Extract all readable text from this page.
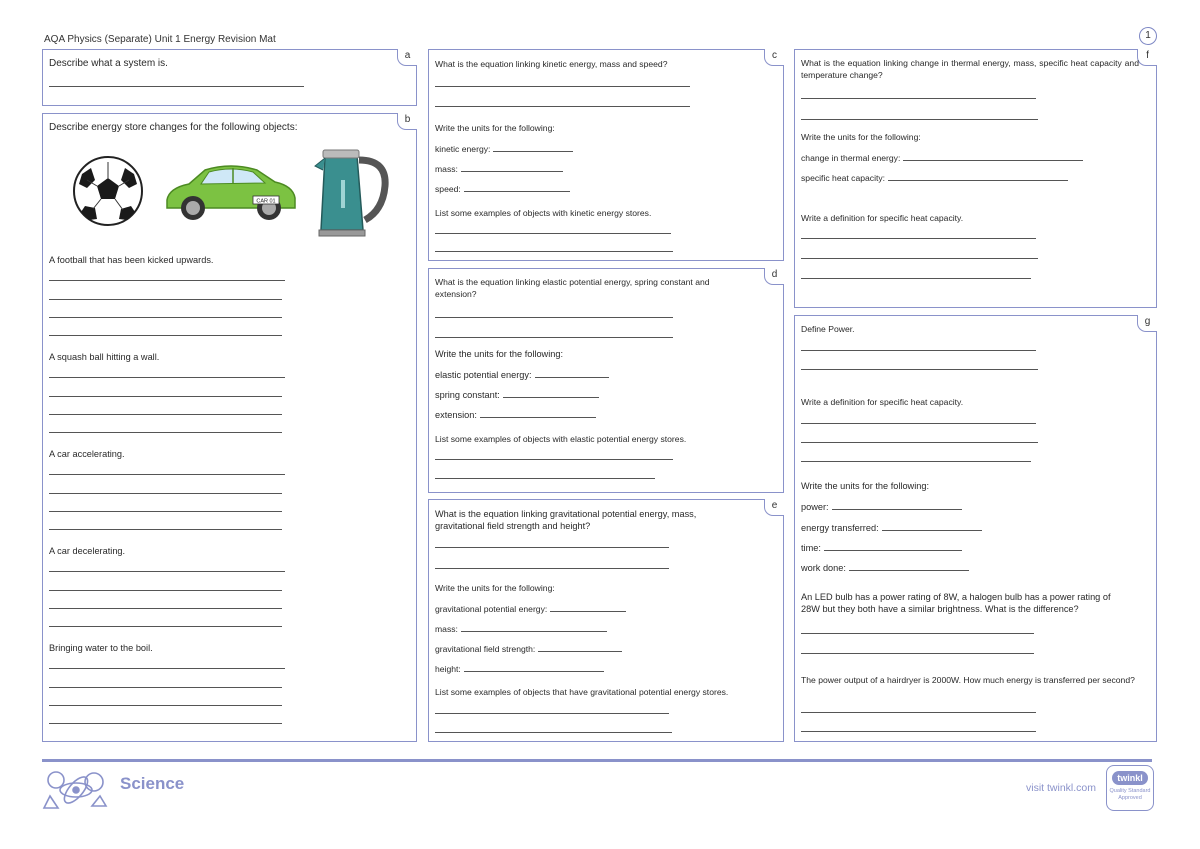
AQA Physics (Separate) Unit 1 Energy Revision Mat	1
a
Describe what a system is.
b
Describe energy store changes for the following objects:
CAR 01
A football that has been kicked upwards.
A squash ball hitting a wall.
A car accelerating.
A car decelerating.
Bringing water to the boil.
c
What is the equation linking kinetic energy, mass and speed?
Write the units for the following:
kinetic energy:
mass:
speed:
List some examples of objects with kinetic energy stores.
d
What is the equation linking elastic potential energy, spring constant and extension?
Write the units for the following:
elastic potential energy:
spring constant:
extension:
List some examples of objects with elastic potential energy stores.
e
What is the equation linking gravitational potential energy, mass, gravitational field strength and height?
Write the units for the following:
gravitational potential energy:
mass:
gravitational field strength:
height:
List some examples of objects that have gravitational potential energy stores.
f
What is the equation linking change in thermal energy, mass, specific heat capacity and temperature change?
Write the units for the following:
change in thermal energy:
specific heat capacity:
Write a definition for specific heat capacity.
g
Define Power.
Write a definition for specific heat capacity.
Write the units for the following:
power:
energy transferred:
time:
work done:
An LED bulb has a power rating of 8W, a halogen bulb has a power rating of 28W but they both have a similar brightness. What is the difference?
The power output of a hairdryer is 2000W. How much energy is transferred per second?
Science	visit twinkl.com
twinkl
Quality Standard Approved
